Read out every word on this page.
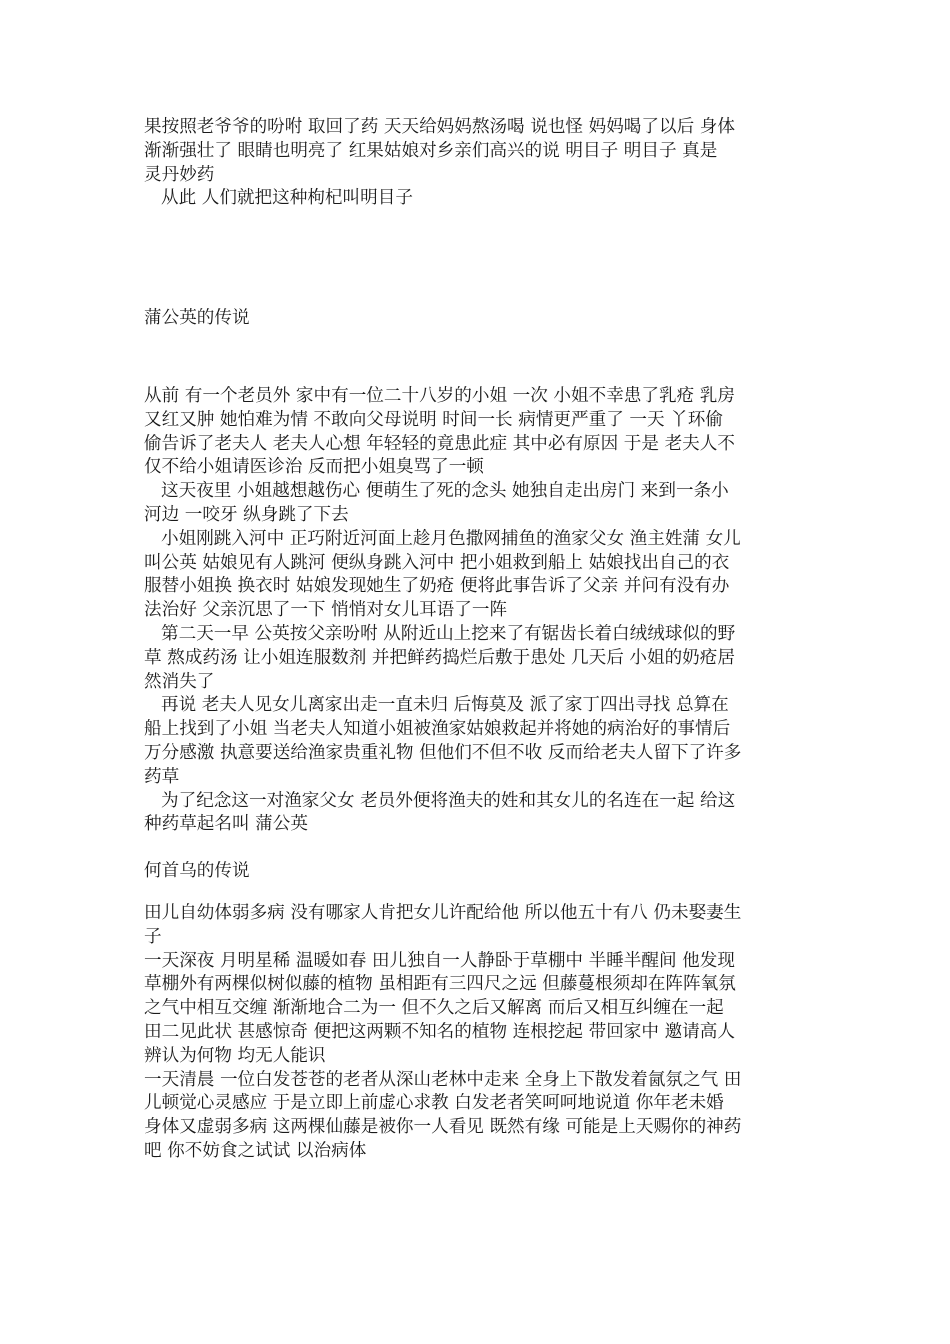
果按照老爷爷的吩咐 取回了药 天天给妈妈熬汤喝 说也怪 妈妈喝了以后 身体
渐渐强壮了 眼睛也明亮了 红果姑娘对乡亲们高兴的说 明目子 明目子 真是
灵丹妙药
从此 人们就把这种枸杞叫明目子
蒲公英的传说
从前 有一个老员外 家中有一位二十八岁的小姐 一次 小姐不幸患了乳疮 乳房
又红又肿 她怕难为情 不敢向父母说明 时间一长 病情更严重了 一天 丫环偷
偷告诉了老夫人 老夫人心想 年轻轻的竟患此症 其中必有原因 于是 老夫人不
仅不给小姐请医诊治 反而把小姐臭骂了一顿
这天夜里 小姐越想越伤心 便萌生了死的念头 她独自走出房门 来到一条小
河边 一咬牙 纵身跳了下去
小姐刚跳入河中 正巧附近河面上趁月色撒网捕鱼的渔家父女 渔主姓蒲 女儿
叫公英 姑娘见有人跳河 便纵身跳入河中 把小姐救到船上 姑娘找出自己的衣
服替小姐换 换衣时 姑娘发现她生了奶疮 便将此事告诉了父亲 并问有没有办
法治好 父亲沉思了一下 悄悄对女儿耳语了一阵
第二天一早 公英按父亲吩咐 从附近山上挖来了有锯齿长着白绒绒球似的野
草 熬成药汤 让小姐连服数剂 并把鲜药捣烂后敷于患处 几天后 小姐的奶疮居
然消失了
再说 老夫人见女儿离家出走一直未归 后悔莫及 派了家丁四出寻找 总算在
船上找到了小姐 当老夫人知道小姐被渔家姑娘救起并将她的病治好的事情后
万分感激 执意要送给渔家贵重礼物 但他们不但不收 反而给老夫人留下了许多
药草
为了纪念这一对渔家父女 老员外便将渔夫的姓和其女儿的名连在一起 给这
种药草起名叫 蒲公英
何首乌的传说
田儿自幼体弱多病 没有哪家人肯把女儿许配给他 所以他五十有八 仍未娶妻生
子
一天深夜 月明星稀 温暖如春 田儿独自一人静卧于草棚中 半睡半醒间 他发现
草棚外有两棵似树似藤的植物 虽相距有三四尺之远 但藤蔓根须却在阵阵氧氛
之气中相互交缠 渐渐地合二为一 但不久之后又解离 而后又相互纠缠在一起
田二见此状 甚感惊奇 便把这两颗不知名的植物 连根挖起 带回家中 邀请高人
辨认为何物 均无人能识
一天清晨 一位白发苍苍的老者从深山老林中走来 全身上下散发着氤氛之气 田
儿顿觉心灵感应 于是立即上前虚心求教 白发老者笑呵呵地说道 你年老未婚
身体又虚弱多病 这两棵仙藤是被你一人看见 既然有缘 可能是上天赐你的神药
吧 你不妨食之试试 以治病体
